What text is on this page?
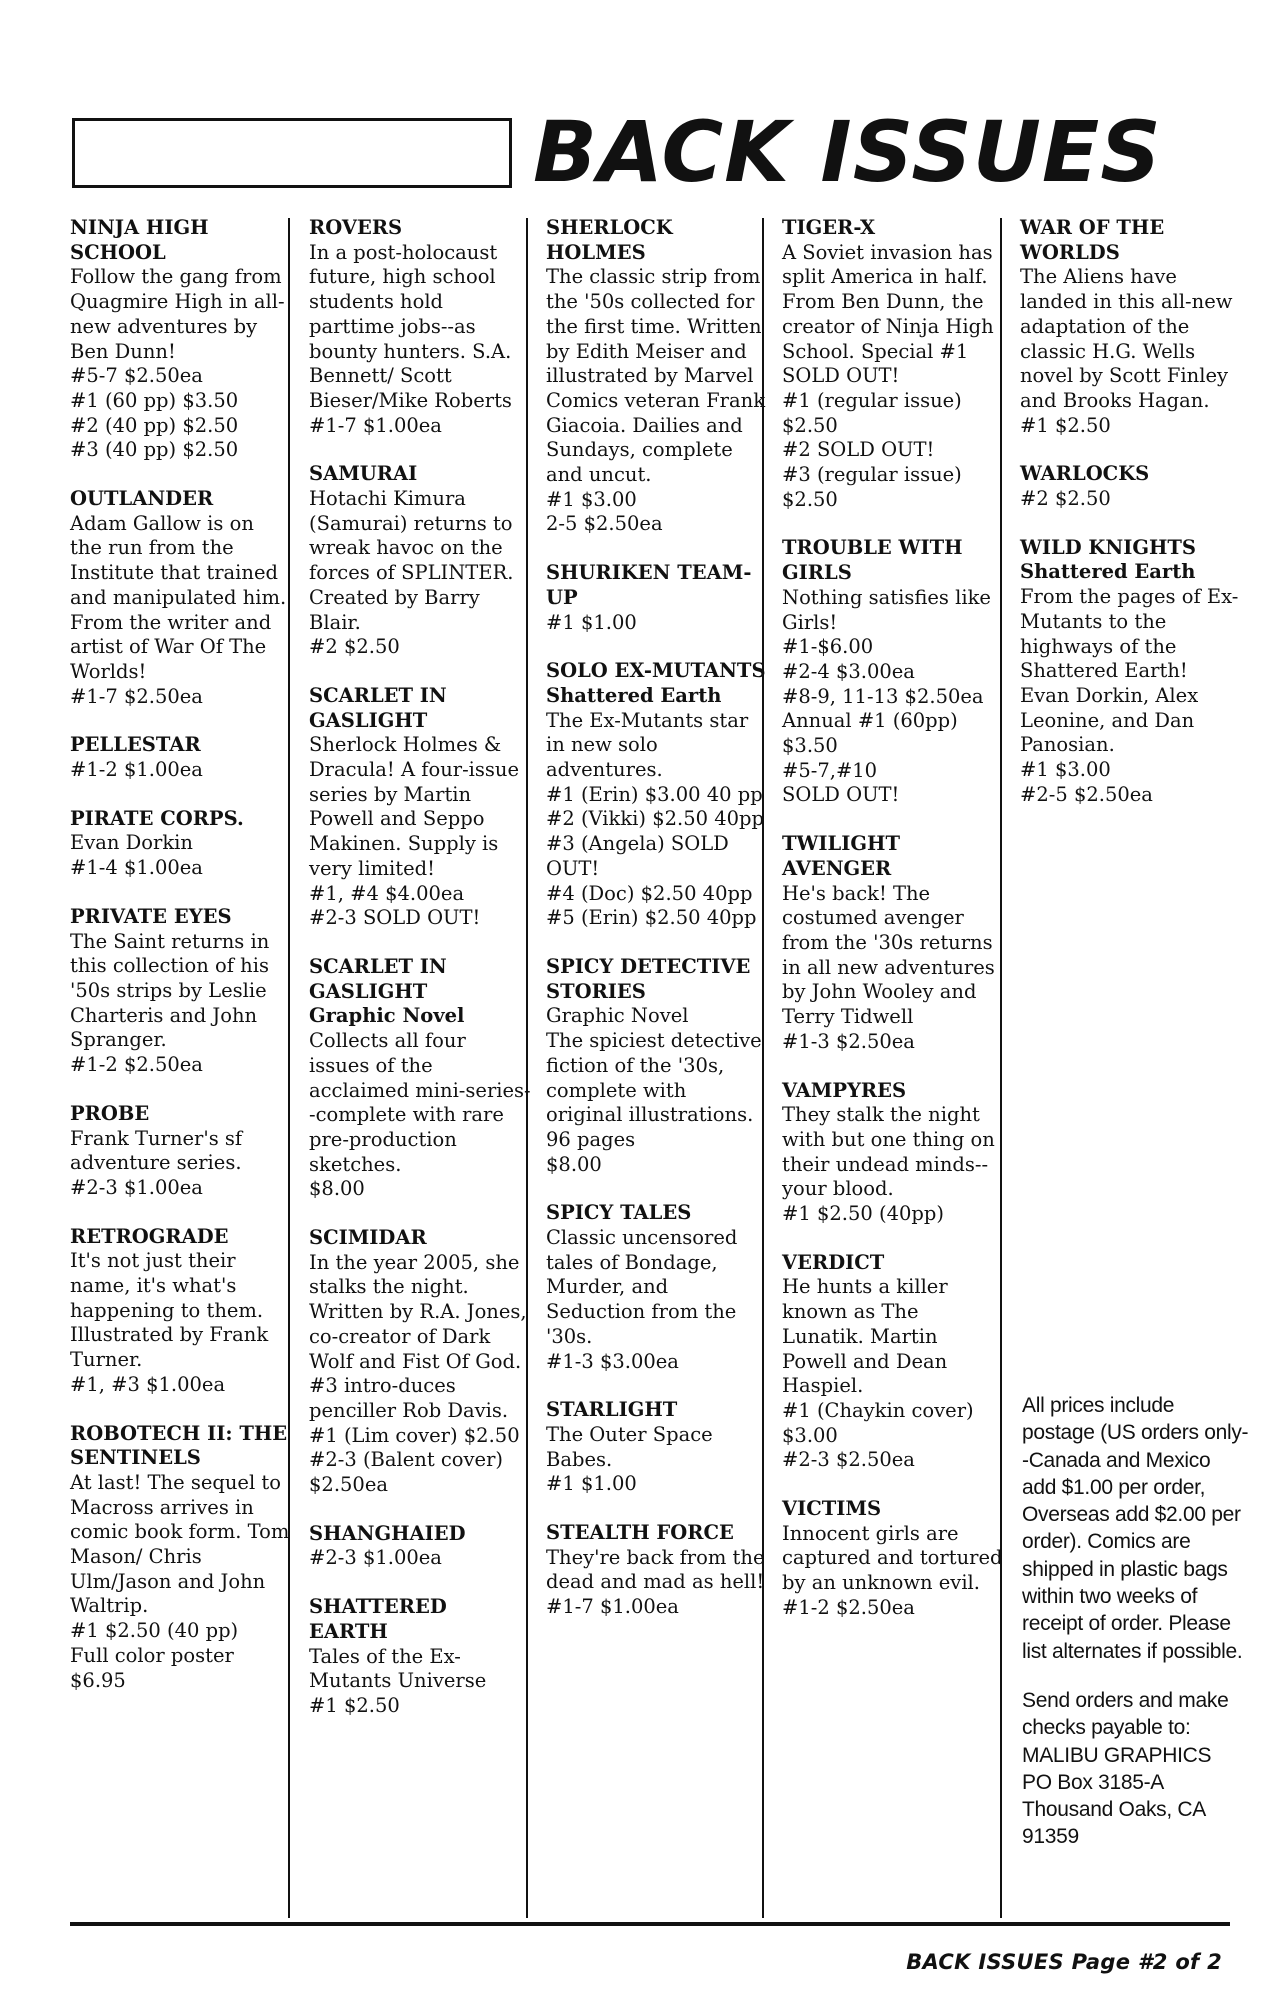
BACK ISSUES
NINJA HIGH SCHOOL
Follow the gang from Quagmire High in all-new adventures by Ben Dunn!
#5-7 $2.50ea
#1 (60 pp) $3.50
#2 (40 pp) $2.50
#3 (40 pp) $2.50
OUTLANDER
Adam Gallow is on the run from the Institute that trained and manipulated him. From the writer and artist of War Of The Worlds!
#1-7 $2.50ea
PELLESTAR
#1-2 $1.00ea
PIRATE CORPS.
Evan Dorkin
#1-4 $1.00ea
PRIVATE EYES
The Saint returns in this collection of his '50s strips by Leslie Charteris and John Spranger.
#1-2 $2.50ea
PROBE
Frank Turner's sf adventure series.
#2-3 $1.00ea
RETROGRADE
It's not just their name, it's what's happening to them. Illustrated by Frank Turner.
#1, #3 $1.00ea
ROBOTECH II: THE SENTINELS
At last! The sequel to Macross arrives in comic book form. Tom Mason/ Chris Ulm/Jason and John Waltrip.
#1 $2.50 (40 pp)
Full color poster $6.95
ROVERS
In a post-holocaust future, high school students hold parttime jobs--as bounty hunters. S.A. Bennett/ Scott Bieser/Mike Roberts
#1-7 $1.00ea
SAMURAI
Hotachi Kimura (Samurai) returns to wreak havoc on the forces of SPLINTER. Created by Barry Blair.
#2 $2.50
SCARLET IN GASLIGHT
Sherlock Holmes & Dracula! A four-issue series by Martin Powell and Seppo Makinen. Supply is very limited!
#1, #4 $4.00ea
#2-3 SOLD OUT!
SCARLET IN GASLIGHT
Graphic Novel
Collects all four issues of the acclaimed mini-series--complete with rare pre-production sketches.
$8.00
SCIMIDAR
In the year 2005, she stalks the night. Written by R.A. Jones, co-creator of Dark Wolf and Fist Of God. #3 intro-duces penciller Rob Davis.
#1 (Lim cover) $2.50
#2-3 (Balent cover) $2.50ea
SHANGHAIED
#2-3 $1.00ea
SHATTERED EARTH
Tales of the Ex-Mutants Universe
#1 $2.50
SHERLOCK HOLMES
The classic strip from the '50s collected for the first time. Written by Edith Meiser and illustrated by Marvel Comics veteran Frank Giacoia. Dailies and Sundays, complete and uncut.
#1 $3.00
2-5 $2.50ea
SHURIKEN TEAM-UP
#1 $1.00
SOLO EX-MUTANTS
Shattered Earth
The Ex-Mutants star in new solo adventures.
#1 (Erin) $3.00 40 pp
#2 (Vikki) $2.50 40pp
#3 (Angela) SOLD OUT!
#4 (Doc) $2.50 40pp
#5 (Erin) $2.50 40pp
SPICY DETECTIVE STORIES
Graphic Novel
The spiciest detective fiction of the '30s, complete with original illustrations.
96 pages
$8.00
SPICY TALES
Classic uncensored tales of Bondage, Murder, and Seduction from the '30s.
#1-3 $3.00ea
STARLIGHT
The Outer Space Babes.
#1 $1.00
STEALTH FORCE
They're back from the dead and mad as hell!
#1-7 $1.00ea
TIGER-X
A Soviet invasion has split America in half. From Ben Dunn, the creator of Ninja High School. Special #1 SOLD OUT!
#1 (regular issue) $2.50
#2 SOLD OUT!
#3 (regular issue) $2.50
TROUBLE WITH GIRLS
Nothing satisfies like Girls!
#1-$6.00
#2-4 $3.00ea
#8-9, 11-13 $2.50ea
Annual #1 (60pp) $3.50
#5-7,#10
SOLD OUT!
TWILIGHT AVENGER
He's back! The costumed avenger from the '30s returns in all new adventures by John Wooley and Terry Tidwell
#1-3 $2.50ea
VAMPYRES
They stalk the night with but one thing on their undead minds--your blood.
#1 $2.50 (40pp)
VERDICT
He hunts a killer known as The Lunatik. Martin Powell and Dean Haspiel.
#1 (Chaykin cover) $3.00
#2-3 $2.50ea
VICTIMS
Innocent girls are captured and tortured by an unknown evil.
#1-2 $2.50ea
WAR OF THE WORLDS
The Aliens have landed in this all-new adaptation of the classic H.G. Wells novel by Scott Finley and Brooks Hagan.
#1 $2.50
WARLOCKS
#2 $2.50
WILD KNIGHTS
Shattered Earth
From the pages of Ex-Mutants to the highways of the Shattered Earth! Evan Dorkin, Alex Leonine, and Dan Panosian.
#1 $3.00
#2-5 $2.50ea

All prices include postage (US orders only--Canada and Mexico add $1.00 per order, Overseas add $2.00 per order). Comics are shipped in plastic bags within two weeks of receipt of order. Please list alternates if possible.

Send orders and make checks payable to:
MALIBU GRAPHICS
PO Box 3185-A
Thousand Oaks, CA
91359

BACK ISSUES Page #2 of 2
